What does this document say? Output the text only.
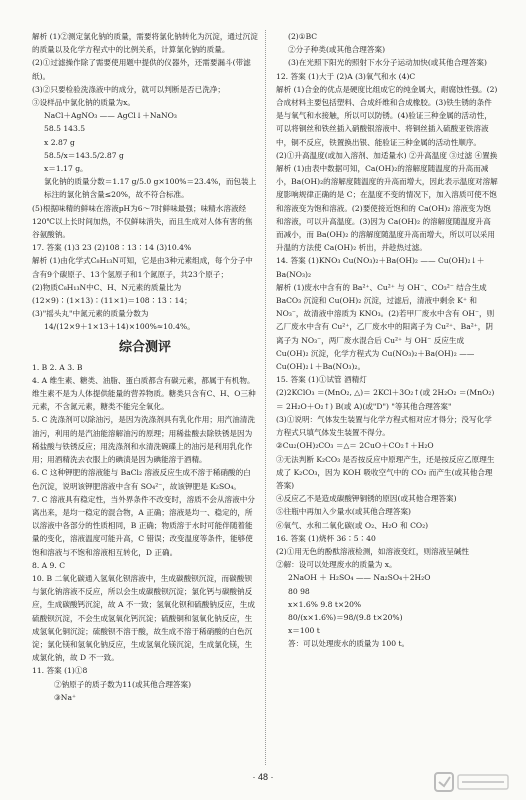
解析 (1)②测定氯化钠的质量，需要将氯化钠转化为沉淀，通过沉淀的质量以及化学方程式中的比例关系，计算氯化钠的质量。

(2)①过滤操作除了需要使用题中提供的仪器外，还需要漏斗(带滤纸)。

(3)②只要检验洗涤液中的成分，就可以判断是否已洗净；

③设样品中氯化钠的质量为x。

NaCl＋AgNO₃ —— AgCl↓＋NaNO₃

58.5 143.5

x 2.87 g

58.5/x＝143.5/2.87 g

x＝1.17 g。

氯化钠的质量分数＝1.17 g/5.0 g×100%＝23.4%，而包装上标注的氯化钠含量≤20%，故不符合标准。

(5)根据味精的鲜味在溶液pH为6～7时鲜味最强；味精水溶液经120℃以上长时间加热，不仅鲜味消失，而且生成对人体有害的焦谷氨酸钠。

17. 答案 (1)3 23 (2)108∶13∶14 (3)10.4%

解析 (1)由化学式C₈H₁₃N可知，它是由3种元素组成，每个分子中含有9个碳原子、13个氢原子和1个氮原子，共23个原子；

(2)物质C₈H₁₃N中C、H、N元素的质量比为(12×9)∶(1×13)∶(11×1)＝108∶13∶14；

(3)"摇头丸"中氮元素的质量分数为

14/(12×9＋1×13＋14)×100%≈10.4%。

综合测评

1. B 2. A 3. B

4. A 维生素、糖类、油脂、蛋白质都含有碳元素，都属于有机物。维生素不是为人体提供能量的营养物质。糖类只含有C、H、O三种元素，不含氮元素，糖类不能完全氧化。

5. C 洗涤剂可以除油污，是因为洗涤剂具有乳化作用；用汽油清洗油污，利用的是汽油能溶解油污的原理；用稀盐酸去除铁锈是因为稀盐酸与铁锈反应；用洗涤剂和水清洗碗碟上的油污是利用乳化作用；用酒精洗去衣服上的碘渍是因为碘能溶于酒精。

6. C 这种钾肥的溶液能与 BaCl₂ 溶液反应生成不溶于稀硝酸的白色沉淀，说明该钾肥溶液中含有 SO₄²⁻，故该钾肥是 K₂SO₄。

7. C 溶液具有稳定性，当外界条件不改变时，溶质不会从溶液中分离出来，是均一稳定的混合物，A 正确；溶液是均一、稳定的，所以溶液中各部分的性质相同，B 正确；物质溶于水时可能伴随着能量的变化，溶液温度可能升高，C 错误；改变温度等条件，能够使饱和溶液与不饱和溶液相互转化，D 正确。

8. A 9. C

10. B 二氧化碳通入氢氧化钡溶液中，生成碳酸钡沉淀，而碳酸钡与氯化钠溶液不反应，所以会生成碳酸钡沉淀；氯化钙与碳酸钠反应，生成碳酸钙沉淀，故 A 不一致；氢氧化钡和硫酸钠反应，生成硫酸钡沉淀，不会生成氢氧化钙沉淀；硫酸铜和氢氧化钠反应，生成氢氧化铜沉淀；硫酸钡不溶于酸，故生成不溶于稀硝酸的白色沉淀；氯化镁和氢氧化钠反应，生成氢氧化镁沉淀，生成氯化镁，生成氯化钠，故 D 不一致。

11. 答案 (1)①8

②钠原子的质子数为11(或其他合理答案)

③Na⁺

(2)①BC

②分子种类(或其他合理答案)

(3)在光照下阳光的照射下水分子运动加快(或其他合理答案)

12. 答案 (1)大于 (2)A (3)氧气和水 (4)C

解析 (1)合金的优点是硬度比组成它的纯金属大，耐腐蚀性强。(2)合成材料主要包括塑料、合成纤维和合成橡胶。(3)铁生锈的条件是与氧气和水接触，所以可以防锈。(4)验证三种金属的活动性，可以将铜丝和铁丝插入硝酸银溶液中、将铜丝插入硫酸亚铁溶液中，铜不反应，铁置换出银、能验证三种金属的活动性顺序。

(2)①升高温度(或加入溶剂、加适量水) ②升高温度 ③过滤 ④置换

解析 (1)由表中数据可知，Ca(OH)₂的溶解度随温度的升高而减小，Ba(OH)₂的溶解度随温度的升高而增大，因此表示温度对溶解度影响规律正确的是 C；在温度不变的情况下，加入溶质可使不饱和溶液变为饱和溶液。(2)要使接近饱和的 Ca(OH)₂ 溶液变为饱和溶液，可以升高温度。(3)因为 Ca(OH)₂ 的溶解度随温度升高而减小，而 Ba(OH)₂ 的溶解度随温度升高而增大，所以可以采用升温的方法使 Ca(OH)₂ 析出，并趁热过滤。

14. 答案 (1)KNO₃ Cu(NO₃)₂＋Ba(OH)₂ —— Cu(OH)₂↓＋Ba(NO₃)₂

解析 (1)废水中含有的 Ba²⁺、Cu²⁺ 与 OH⁻、CO₃²⁻ 结合生成 BaCO₃ 沉淀和 Cu(OH)₂ 沉淀，过滤后，清液中剩余 K⁺ 和 NO₃⁻，故清液中溶质为 KNO₃。(2)若甲厂废水中含有 OH⁻，则乙厂废水中含有 Cu²⁺，乙厂废水中的阳离子为 Cu²⁺、Ba²⁺，阴离子为 NO₃⁻，两厂废水混合后 Cu²⁺ 与 OH⁻ 反应生成 Cu(OH)₂ 沉淀，化学方程式为 Cu(NO₃)₂＋Ba(OH)₂ —— Cu(OH)₂↓＋Ba(NO₃)₂。

15. 答案 (1)①试管 酒精灯

(2)2KClO₃ ＝(MnO₂, △)＝ 2KCl＋3O₂↑(或 2H₂O₂ ＝(MnO₂)＝ 2H₂O＋O₂↑) B(或 A)(或"D") "等其他合理答案"

(3)①说明：气体发生装置与化学方程式相对应才得分；没写化学方程式只填气体发生装置不得分。

②Cu₂(OH)₂CO₃ ＝△＝ 2CuO＋CO₂↑＋H₂O

③无法判断 K₂CO₃ 是否按反应中原理产生，还是按反应乙原理生成了 K₂CO₃，因为 KOH 吸收空气中的 CO₂ 而产生(或其他合理答案)

④反应乙不是造成碳酸钾铜锈的原因(或其他合理答案)

⑤往瓶中再加入少量水(或其他合理答案)

⑥氧气、水和二氧化碳(或 O₂、H₂O 和 CO₂)

16. 答案 (1)烧杯 36∶5∶40

(2)①用无色的酚酞溶液检测，如溶液变红，则溶液呈碱性

②解：设可以处理废水的质量为 x。

2NaOH ＋ H₂SO₄ —— Na₂SO₄＋2H₂O

80 98

x×1.6% 9.8 t×20%

80/(x×1.6%)＝98/(9.8 t×20%)

x＝100 t

答：可以处理废水的质量为 100 t。

· 48 ·
